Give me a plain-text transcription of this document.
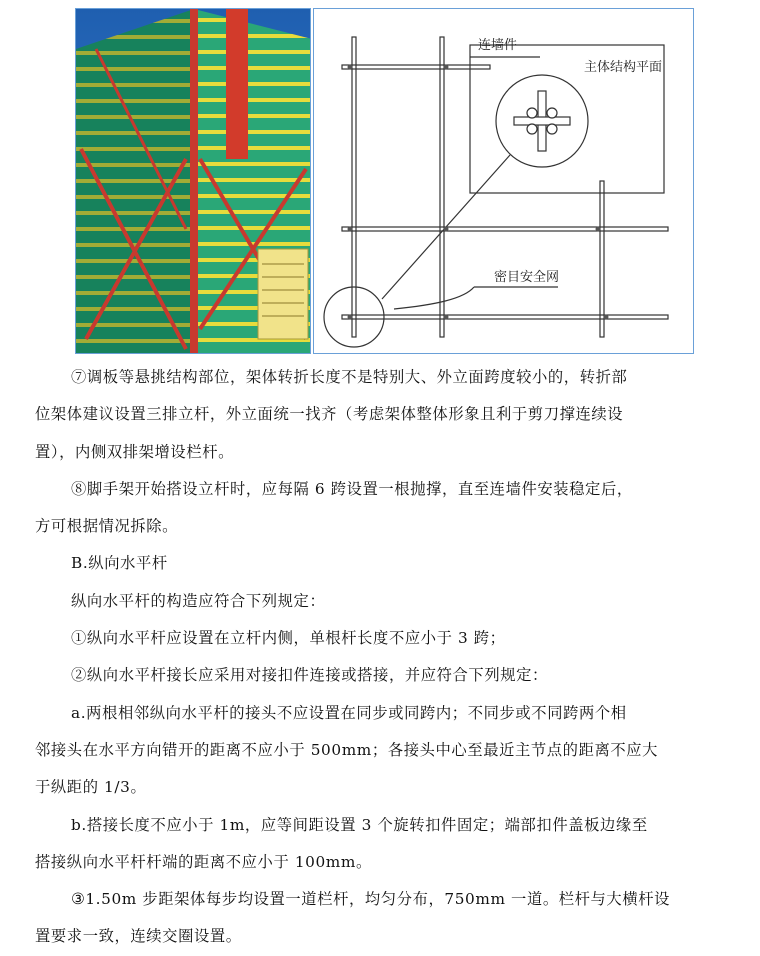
连墙件
主体结构平面
密目安全网

⑦调板等悬挑结构部位，架体转折长度不是特别大、外立面跨度较小的，转折部

位架体建议设置三排立杆，外立面统一找齐（考虑架体整体形象且利于剪刀撑连续设

置），内侧双排架增设栏杆。

⑧脚手架开始搭设立杆时，应每隔 6 跨设置一根抛撑，直至连墙件安装稳定后，

方可根据情况拆除。

B.纵向水平杆

纵向水平杆的构造应符合下列规定：

①纵向水平杆应设置在立杆内侧，单根杆长度不应小于 3 跨；

②纵向水平杆接长应采用对接扣件连接或搭接，并应符合下列规定：

a.两根相邻纵向水平杆的接头不应设置在同步或同跨内；不同步或不同跨两个相

邻接头在水平方向错开的距离不应小于 500mm；各接头中心至最近主节点的距离不应大

于纵距的 1/3。

b.搭接长度不应小于 1m，应等间距设置 3 个旋转扣件固定；端部扣件盖板边缘至

搭接纵向水平杆杆端的距离不应小于 100mm。

③1.50m 步距架体每步均设置一道栏杆，均匀分布，750mm 一道。栏杆与大横杆设

置要求一致，连续交圈设置。
